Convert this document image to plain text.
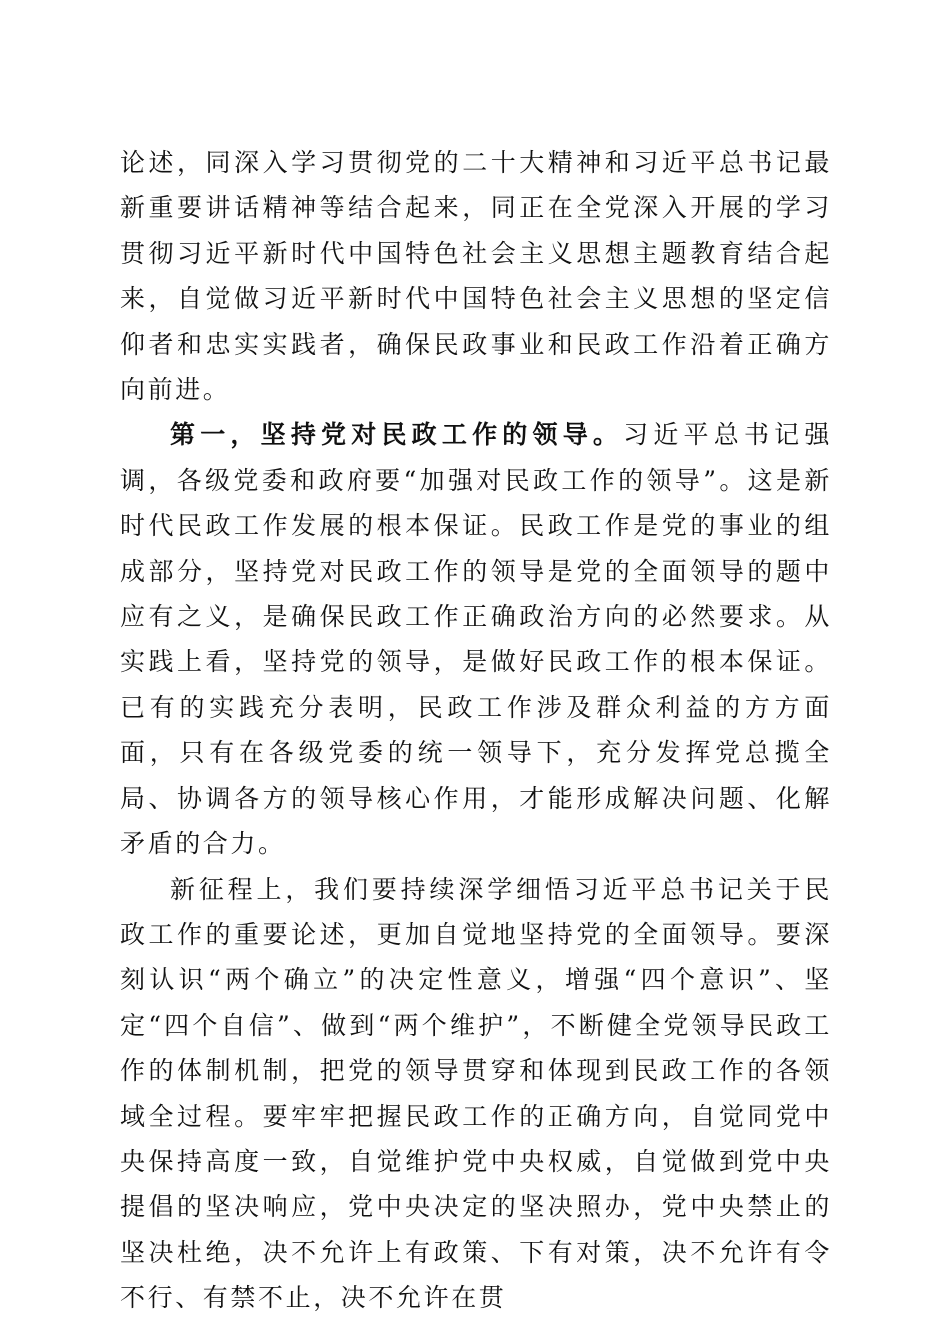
论述，同深入学习贯彻党的二十大精神和习近平总书记最新重要讲话精神等结合起来，同正在全党深入开展的学习贯彻习近平新时代中国特色社会主义思想主题教育结合起来，自觉做习近平新时代中国特色社会主义思想的坚定信仰者和忠实实践者，确保民政事业和民政工作沿着正确方向前进。

第一，坚持党对民政工作的领导。习近平总书记强调，各级党委和政府要“加强对民政工作的领导”。这是新时代民政工作发展的根本保证。民政工作是党的事业的组成部分，坚持党对民政工作的领导是党的全面领导的题中应有之义，是确保民政工作正确政治方向的必然要求。从实践上看，坚持党的领导，是做好民政工作的根本保证。已有的实践充分表明，民政工作涉及群众利益的方方面面，只有在各级党委的统一领导下，充分发挥党总揽全局、协调各方的领导核心作用，才能形成解决问题、化解矛盾的合力。

新征程上，我们要持续深学细悟习近平总书记关于民政工作的重要论述，更加自觉地坚持党的全面领导。要深刻认识“两个确立”的决定性意义，增强“四个意识”、坚定“四个自信”、做到“两个维护”，不断健全党领导民政工作的体制机制，把党的领导贯穿和体现到民政工作的各领域全过程。要牢牢把握民政工作的正确方向，自觉同党中央保持高度一致，自觉维护党中央权威，自觉做到党中央提倡的坚决响应，党中央决定的坚决照办，党中央禁止的坚决杜绝，决不允许上有政策、下有对策，决不允许有令不行、有禁不止，决不允许在贯
